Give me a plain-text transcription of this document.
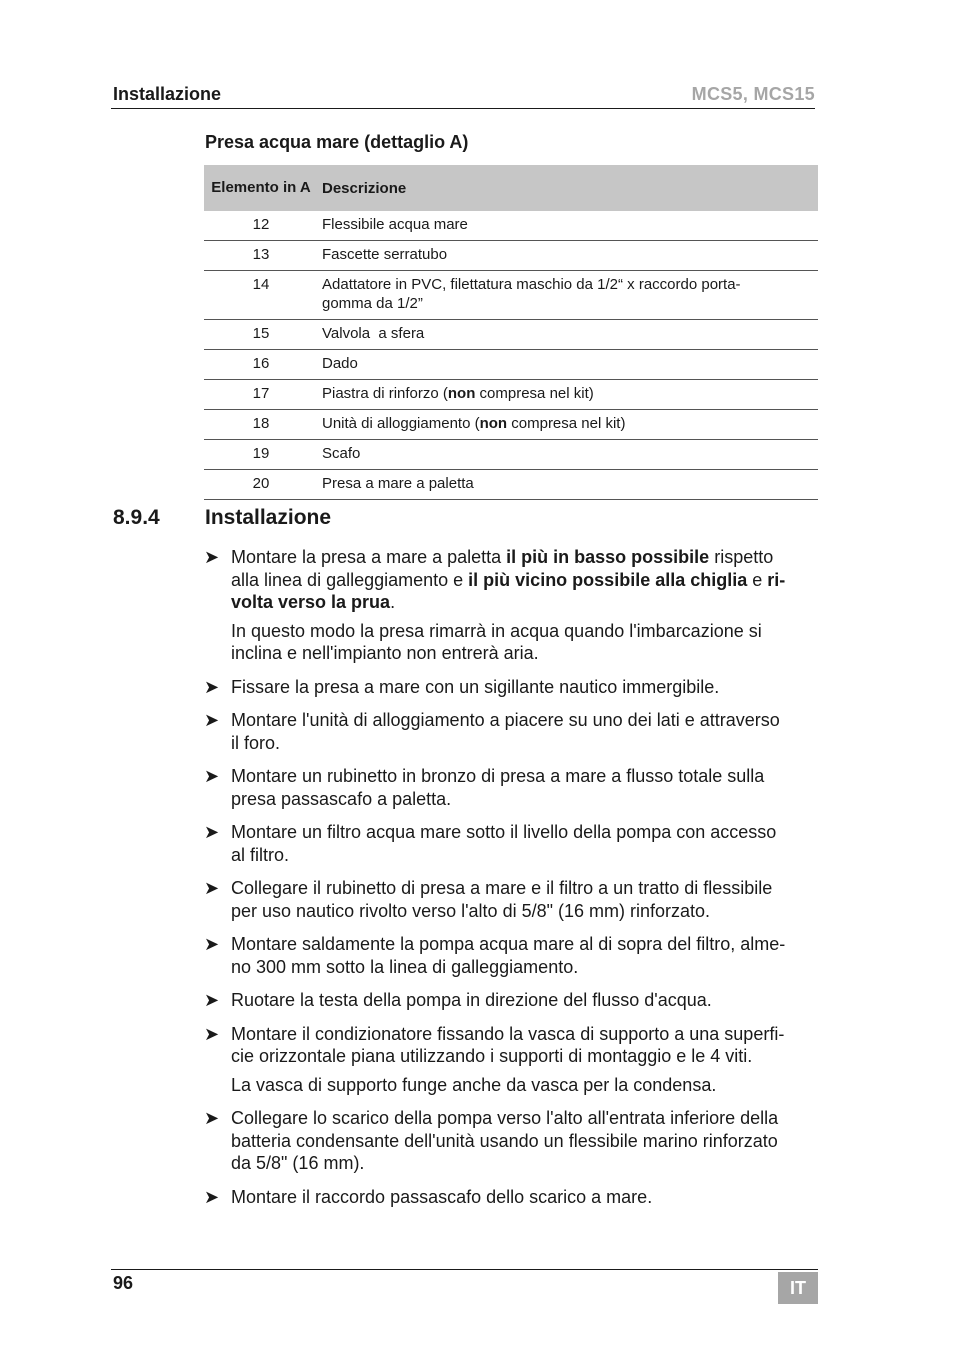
Installazione	MCS5, MCS15
Presa acqua mare (dettaglio A)
Elemento in A	Descrizione
12	Flessibile acqua mare
13	Fascette serratubo
14	Adattatore in PVC, filettatura maschio da 1/2“ x raccordo porta-
gomma da 1/2”
15	Valvola  a sfera
16	Dado
17	Piastra di rinforzo (non compresa nel kit)
18	Unità di alloggiamento (non compresa nel kit)
19	Scafo
20	Presa a mare a paletta
8.9.4 Installazione
➤ Montare la presa a mare a paletta il più in basso possibile rispetto
alla linea di galleggiamento e il più vicino possibile alla chiglia e ri-
volta verso la prua.
In questo modo la presa rimarrà in acqua quando l'imbarcazione si
inclina e nell'impianto non entrerà aria.
➤ Fissare la presa a mare con un sigillante nautico immergibile.
➤ Montare l'unità di alloggiamento a piacere su uno dei lati e attraverso
il foro.
➤ Montare un rubinetto in bronzo di presa a mare a flusso totale sulla
presa passascafo a paletta.
➤ Montare un filtro acqua mare sotto il livello della pompa con accesso
al filtro.
➤ Collegare il rubinetto di presa a mare e il filtro a un tratto di flessibile
per uso nautico rivolto verso l'alto di 5/8" (16 mm) rinforzato.
➤ Montare saldamente la pompa acqua mare al di sopra del filtro, almе-
no 300 mm sotto la linea di galleggiamento.
➤ Ruotare la testa della pompa in direzione del flusso d'acqua.
➤ Montare il condizionatore fissando la vasca di supporto a una superfi-
cie orizzontale piana utilizzando i supporti di montaggio e le 4 viti.
La vasca di supporto funge anche da vasca per la condensa.
➤ Collegare lo scarico della pompa verso l'alto all'entrata inferiore della
batteria condensante dell'unità usando un flessibile marino rinforzato
da 5/8" (16 mm).
➤ Montare il raccordo passascafo dello scarico a mare.
96	IT
